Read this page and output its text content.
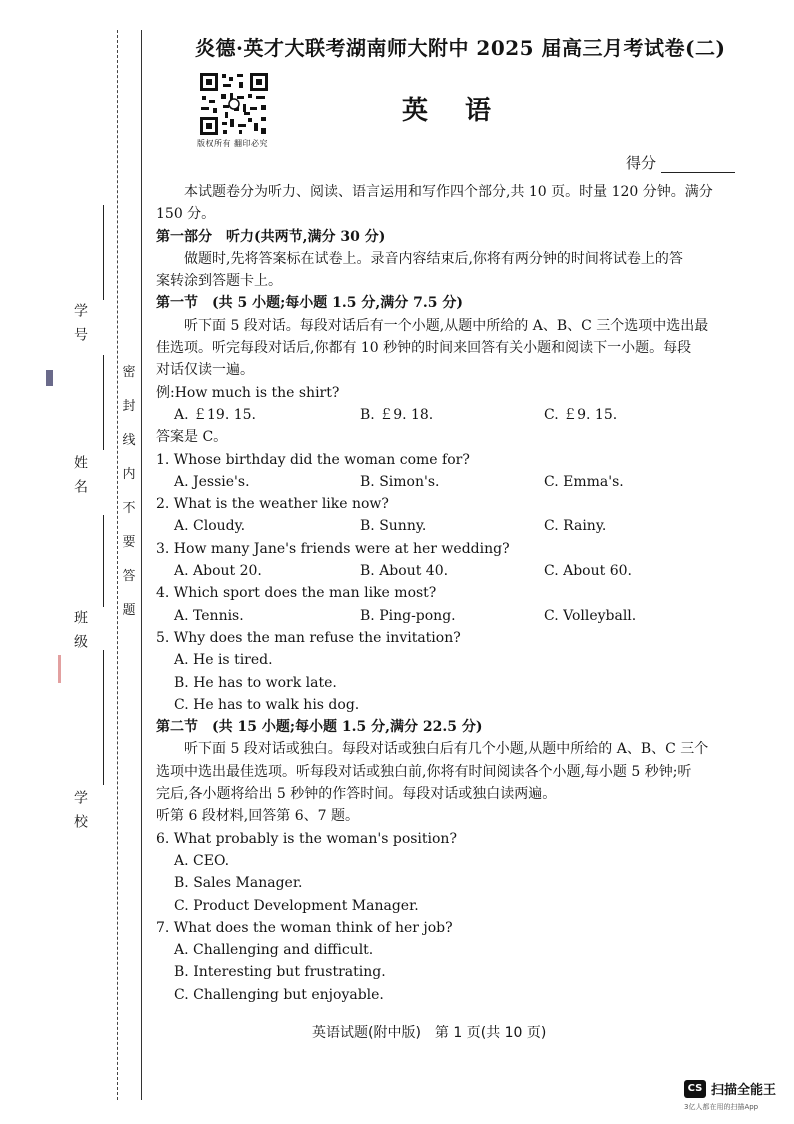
学号
姓名
班级
学校
密
封
线
内
不
要
答
题
炎德·英才大联考湖南师大附中 2025 届高三月考试卷(二)
版权所有 翻印必究
英 语
得分
本试题卷分为听力、阅读、语言运用和写作四个部分,共 10 页。时量 120 分钟。满分
150 分。
第一部分　听力(共两节,满分 30 分)
做题时,先将答案标在试卷上。录音内容结束后,你将有两分钟的时间将试卷上的答
案转涂到答题卡上。
第一节　(共 5 小题;每小题 1.5 分,满分 7.5 分)
听下面 5 段对话。每段对话后有一个小题,从题中所给的 A、B、C 三个选项中选出最
佳选项。听完每段对话后,你都有 10 秒钟的时间来回答有关小题和阅读下一小题。每段
对话仅读一遍。
例:How much is the shirt?
A. ￡19. 15.	B. ￡9. 18.	C. ￡9. 15.
答案是 C。
1. Whose birthday did the woman come for?
A. Jessie's.	B. Simon's.	C. Emma's.
2. What is the weather like now?
A. Cloudy.	B. Sunny.	C. Rainy.
3. How many Jane's friends were at her wedding?
A. About 20.	B. About 40.	C. About 60.
4. Which sport does the man like most?
A. Tennis.	B. Ping-pong.	C. Volleyball.
5. Why does the man refuse the invitation?
A. He is tired.
B. He has to work late.
C. He has to walk his dog.
第二节　(共 15 小题;每小题 1.5 分,满分 22.5 分)
听下面 5 段对话或独白。每段对话或独白后有几个小题,从题中所给的 A、B、C 三个
选项中选出最佳选项。听每段对话或独白前,你将有时间阅读各个小题,每小题 5 秒钟;听
完后,各小题将给出 5 秒钟的作答时间。每段对话或独白读两遍。
听第 6 段材料,回答第 6、7 题。
6. What probably is the woman's position?
A. CEO.
B. Sales Manager.
C. Product Development Manager.
7. What does the woman think of her job?
A. Challenging and difficult.
B. Interesting but frustrating.
C. Challenging but enjoyable.
英语试题(附中版)　第 1 页(共 10 页)
CS 扫描全能王
3亿人都在用的扫描App
